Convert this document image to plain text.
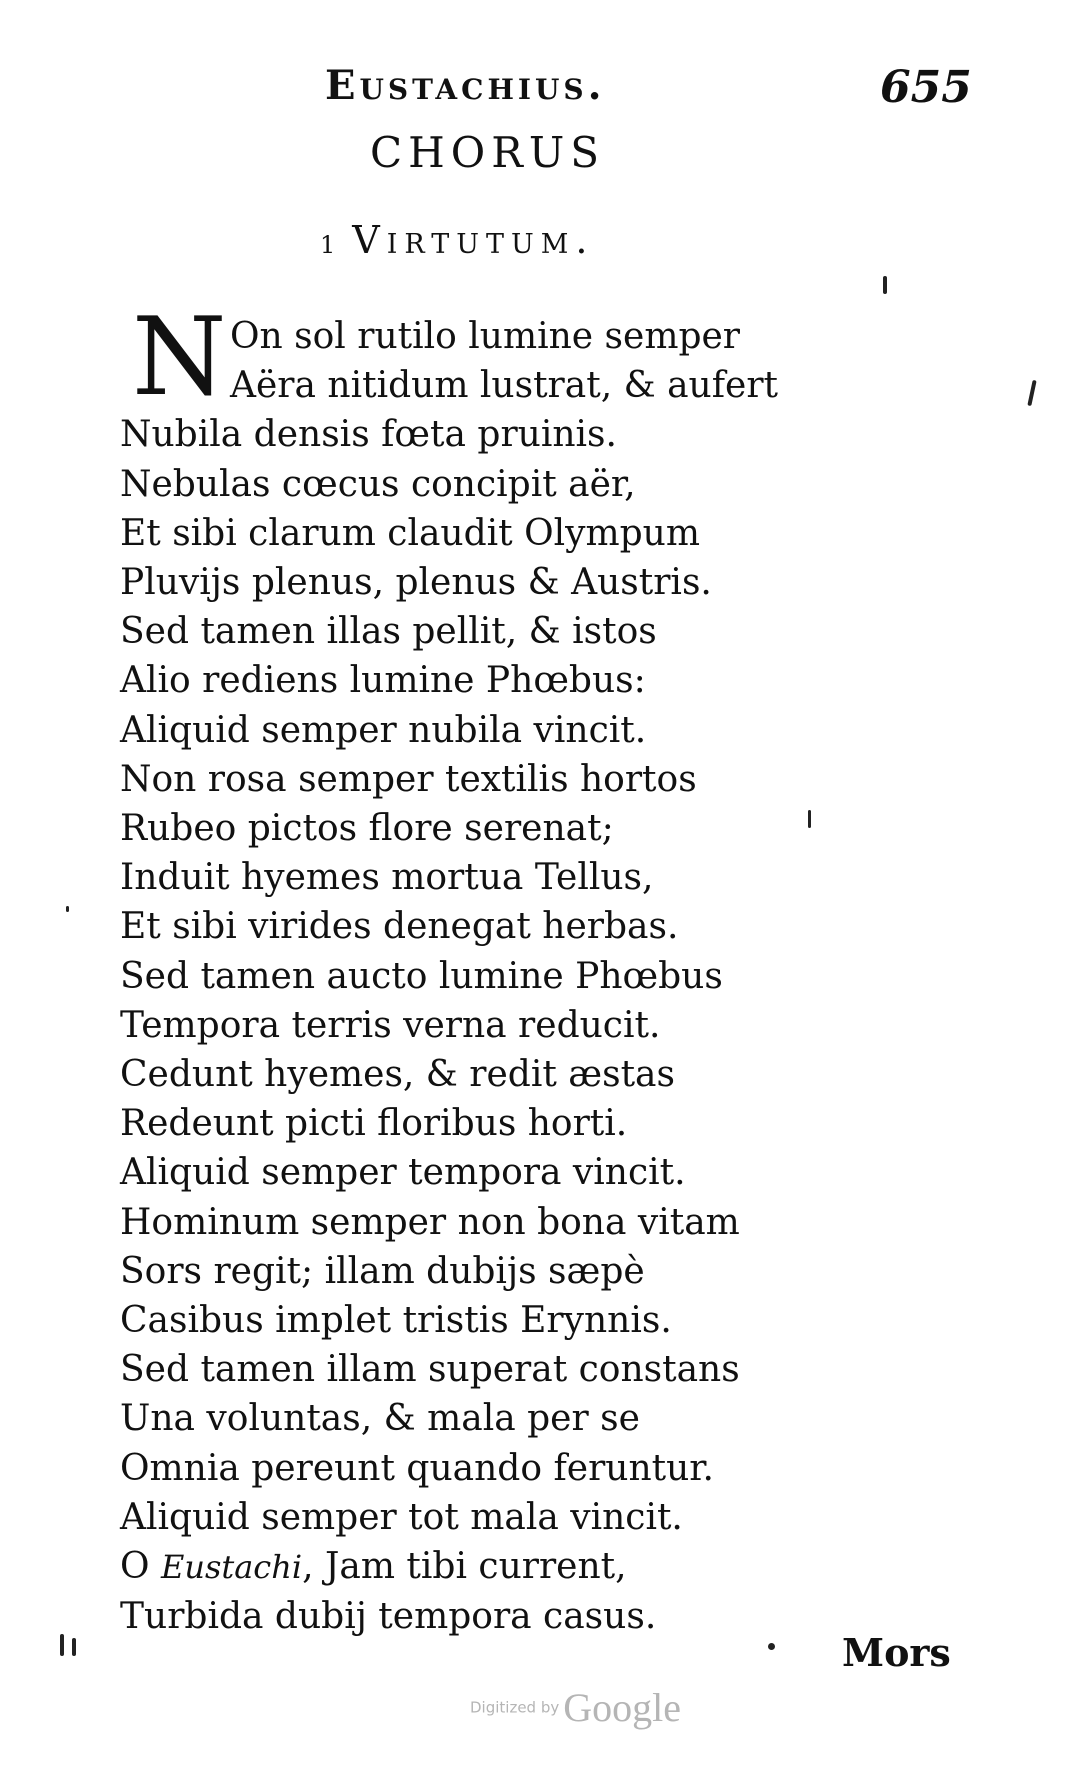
Eustachius.	655
CHORUS
1 Virtutum.
N On sol rutilo lumine semper
Aëra nitidum lustrat, & aufert
Nubila densis fœta pruinis.
Nebulas cœcus concipit aër,
Et sibi clarum claudit Olympum
Pluvijs plenus, plenus & Austris.
Sed tamen illas pellit, & istos
Alio rediens lumine Phœbus:
Aliquid semper nubila vincit.
Non rosa semper textilis hortos
Rubeo pictos flore serenat;
Induit hyemes mortua Tellus,
Et sibi virides denegat herbas.
Sed tamen aucto lumine Phœbus
Tempora terris verna reducit.
Cedunt hyemes, & redit æstas
Redeunt picti floribus horti.
Aliquid semper tempora vincit.
Hominum semper non bona vitam
Sors regit; illam dubijs sæpè
Casibus implet tristis Erynnis.
Sed tamen illam superat constans
Una voluntas, & mala per se
Omnia pereunt quando feruntur.
Aliquid semper tot mala vincit.
O Eustachi, Jam tibi current,
Turbida dubij tempora casus.
Mors
Digitized by Google
